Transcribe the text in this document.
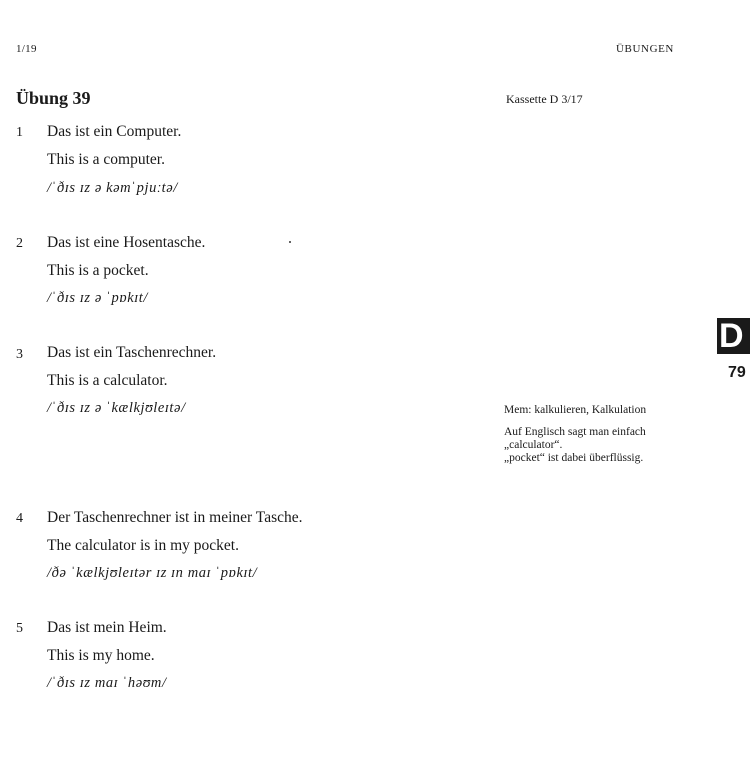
1/19	ÜBUNGEN
Übung 39	Kassette D 3/17
1 Das ist ein Computer.
This is a computer.
/ˈðɪs ɪz ə kəmˈpjuːtə/
2 Das ist eine Hosentasche.
This is a pocket.
/ˈðɪs ɪz ə ˈpɒkɪt/
3 Das ist ein Taschenrechner.
This is a calculator.
/ˈðɪs ɪz ə ˈkælkjʊleɪtə/
4 Der Taschenrechner ist in meiner Tasche.
The calculator is in my pocket.
/ðə ˈkælkjʊleɪtər ɪz ɪn maɪ ˈpɒkɪt/
5 Das ist mein Heim.
This is my home.
/ˈðɪs ɪz maɪ ˈhəʊm/
D
79
Mem: kalkulieren, Kalkulation
Auf Englisch sagt man einfach
„calculator“.
„pocket“ ist dabei überflüssig.
